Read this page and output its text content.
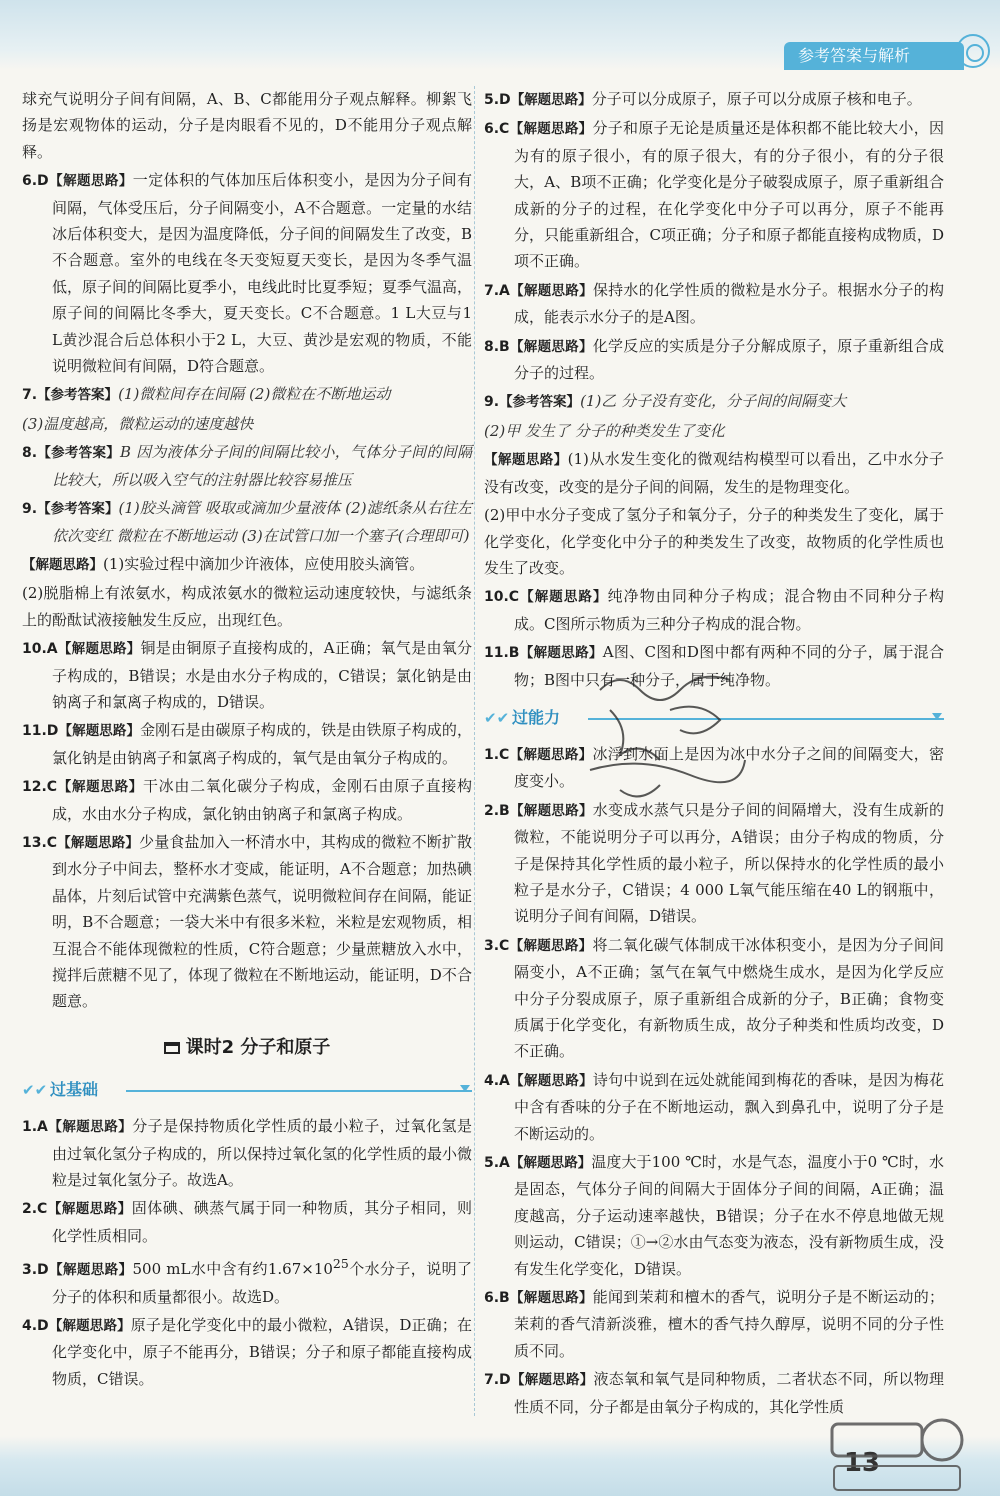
参考答案与解析

球充气说明分子间有间隔，A、B、C都能用分子观点解释。柳絮飞扬是宏观物体的运动，分子是肉眼看不见的，D不能用分子观点解释。

6.D【解题思路】一定体积的气体加压后体积变小，是因为分子间有间隔，气体受压后，分子间隔变小，A不合题意。一定量的水结冰后体积变大，是因为温度降低，分子间的间隔发生了改变，B不合题意。室外的电线在冬天变短夏天变长，是因为冬季气温低，原子间的间隔比夏季小，电线此时比夏季短；夏季气温高，原子间的间隔比冬季大，夏天变长。C不合题意。1 L大豆与1 L黄沙混合后总体积小于2 L，大豆、黄沙是宏观的物质，不能说明微粒间有间隔，D符合题意。

7.【参考答案】(1)微粒间存在间隔 (2)微粒在不断地运动

(3)温度越高，微粒运动的速度越快

8.【参考答案】B 因为液体分子间的间隔比较小，气体分子间的间隔比较大，所以吸入空气的注射器比较容易推压

9.【参考答案】(1)胶头滴管 吸取或滴加少量液体 (2)滤纸条从右往左依次变红 微粒在不断地运动 (3)在试管口加一个塞子(合理即可)

【解题思路】(1)实验过程中滴加少许液体，应使用胶头滴管。

(2)脱脂棉上有浓氨水，构成浓氨水的微粒运动速度较快，与滤纸条上的酚酞试液接触发生反应，出现红色。

10.A【解题思路】铜是由铜原子直接构成的，A正确；氧气是由氧分子构成的，B错误；水是由水分子构成的，C错误；氯化钠是由钠离子和氯离子构成的，D错误。

11.D【解题思路】金刚石是由碳原子构成的，铁是由铁原子构成的，氯化钠是由钠离子和氯离子构成的，氧气是由氧分子构成的。

12.C【解题思路】干冰由二氧化碳分子构成，金刚石由原子直接构成，水由水分子构成，氯化钠由钠离子和氯离子构成。

13.C【解题思路】少量食盐加入一杯清水中，其构成的微粒不断扩散到水分子中间去，整杯水才变咸，能证明，A不合题意；加热碘晶体，片刻后试管中充满紫色蒸气，说明微粒间存在间隔，能证明，B不合题意；一袋大米中有很多米粒，米粒是宏观物质，相互混合不能体现微粒的性质，C符合题意；少量蔗糖放入水中，搅拌后蔗糖不见了，体现了微粒在不断地运动，能证明，D不合题意。

课时2 分子和原子
✔✔ 过基础

1.A【解题思路】分子是保持物质化学性质的最小粒子，过氧化氢是由过氧化氢分子构成的，所以保持过氧化氢的化学性质的最小微粒是过氧化氢分子。故选A。

2.C【解题思路】固体碘、碘蒸气属于同一种物质，其分子相同，则化学性质相同。

3.D【解题思路】500 mL水中含有约$1.67\times 10^{25}$个水分子，说明了分子的体积和质量都很小。故选D。

4.D【解题思路】原子是化学变化中的最小微粒，A错误，D正确；在化学变化中，原子不能再分，B错误；分子和原子都能直接构成物质，C错误。

5.D【解题思路】分子可以分成原子，原子可以分成原子核和电子。

6.C【解题思路】分子和原子无论是质量还是体积都不能比较大小，因为有的原子很小，有的原子很大，有的分子很小，有的分子很大，A、B项不正确；化学变化是分子破裂成原子，原子重新组合成新的分子的过程，在化学变化中分子可以再分，原子不能再分，只能重新组合，C项正确；分子和原子都能直接构成物质，D项不正确。

7.A【解题思路】保持水的化学性质的微粒是水分子。根据水分子的构成，能表示水分子的是A图。

8.B【解题思路】化学反应的实质是分子分解成原子，原子重新组合成分子的过程。

9.【参考答案】(1)乙 分子没有变化，分子间的间隔变大

(2)甲 发生了 分子的种类发生了变化

【解题思路】(1)从水发生变化的微观结构模型可以看出，乙中水分子没有改变，改变的是分子间的间隔，发生的是物理变化。

(2)甲中水分子变成了氢分子和氧分子，分子的种类发生了变化，属于化学变化，化学变化中分子的种类发生了改变，故物质的化学性质也发生了改变。

10.C【解题思路】纯净物由同种分子构成；混合物由不同种分子构成。C图所示物质为三种分子构成的混合物。

11.B【解题思路】A图、C图和D图中都有两种不同的分子，属于混合物；B图中只有一种分子，属于纯净物。

✔✔ 过能力

1.C【解题思路】冰浮到水面上是因为冰中水分子之间的间隔变大，密度变小。

2.B【解题思路】水变成水蒸气只是分子间的间隔增大，没有生成新的微粒，不能说明分子可以再分，A错误；由分子构成的物质，分子是保持其化学性质的最小粒子，所以保持水的化学性质的最小粒子是水分子，C错误；4 000 L氧气能压缩在40 L的钢瓶中，说明分子间有间隔，D错误。

3.C【解题思路】将二氧化碳气体制成干冰体积变小，是因为分子间间隔变小，A不正确；氢气在氧气中燃烧生成水，是因为化学反应中分子分裂成原子，原子重新组合成新的分子，B正确；食物变质属于化学变化，有新物质生成，故分子种类和性质均改变，D不正确。

4.A【解题思路】诗句中说到在远处就能闻到梅花的香味，是因为梅花中含有香味的分子在不断地运动，飘入到鼻孔中，说明了分子是不断运动的。

5.A【解题思路】温度大于100 ℃时，水是气态，温度小于0 ℃时，水是固态，气体分子间的间隔大于固体分子间的间隔，A正确；温度越高，分子运动速率越快，B错误；分子在水不停息地做无规则运动，C错误；①→②水由气态变为液态，没有新物质生成，没有发生化学变化，D错误。

6.B【解题思路】能闻到茉莉和檀木的香气，说明分子是不断运动的；茉莉的香气清新淡雅，檀木的香气持久醇厚，说明不同的分子性质不同。

7.D【解题思路】液态氧和氧气是同种物质，二者状态不同，所以物理性质不同，分子都是由氧分子构成的，其化学性质

13
